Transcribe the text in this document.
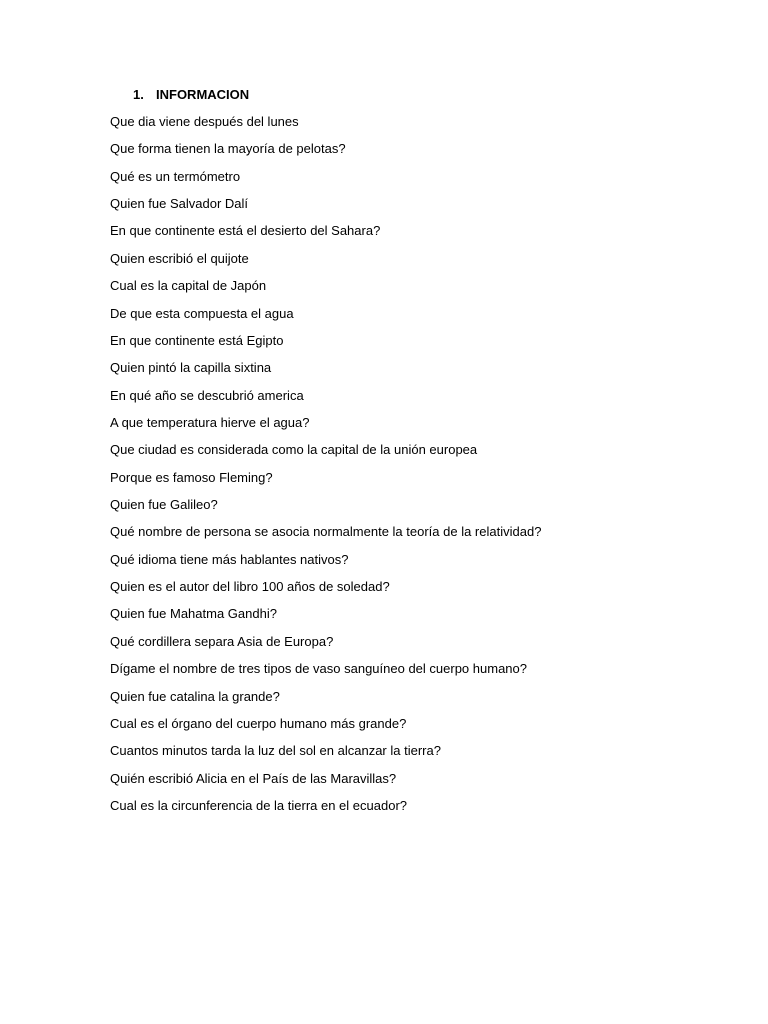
1. INFORMACION
Que dia viene después del lunes
Que forma tienen la mayoría de pelotas?
Qué es un termómetro
Quien fue Salvador Dalí
En que continente está el desierto del Sahara?
Quien escribió el quijote
Cual es la capital de Japón
De que esta compuesta el agua
En que continente está Egipto
Quien pintó la capilla sixtina
En qué año se descubrió america
A que temperatura hierve el agua?
Que ciudad es considerada como la capital de la unión europea
Porque es famoso Fleming?
Quien fue Galileo?
Qué nombre de persona se asocia normalmente la teoría de la relatividad?
Qué idioma tiene más hablantes nativos?
Quien es el autor del libro 100 años de soledad?
Quien fue Mahatma Gandhi?
Qué cordillera separa Asia de Europa?
Dígame el nombre de tres tipos de vaso sanguíneo del cuerpo humano?
Quien fue catalina la grande?
Cual es el órgano del cuerpo humano más grande?
Cuantos minutos tarda la luz del sol en alcanzar la tierra?
Quién escribió Alicia en el País de las Maravillas?
Cual es la circunferencia de la tierra en el ecuador?
